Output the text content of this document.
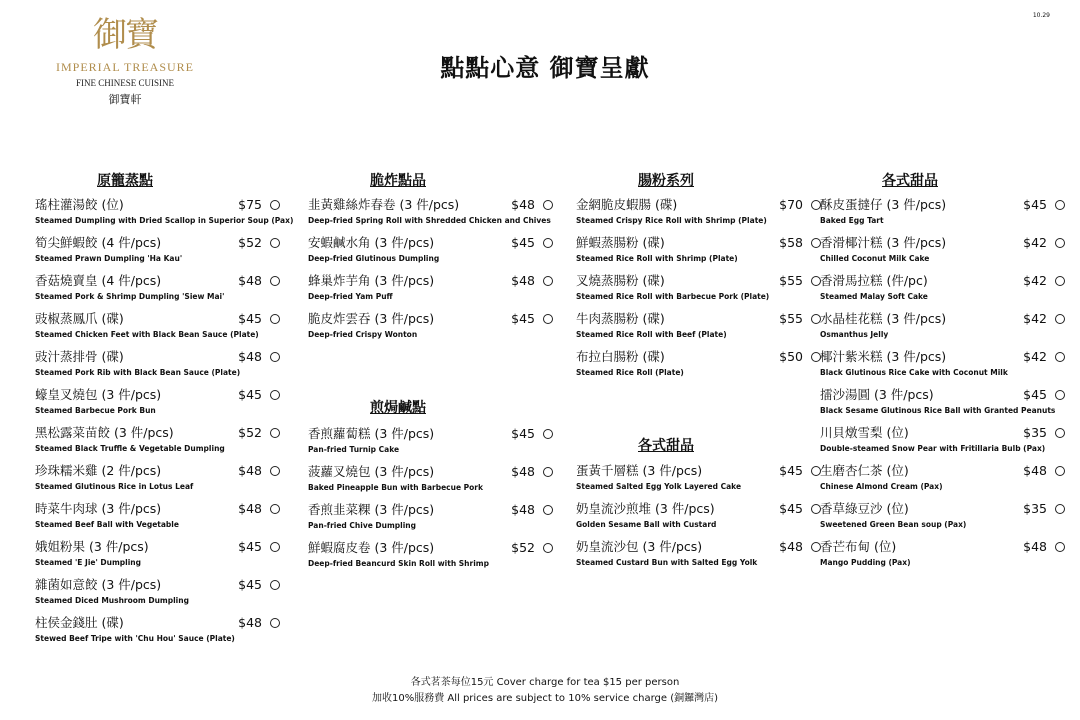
御寶
IMPERIAL TREASURE
FINE CHINESE CUISINE
御寶軒
點點心意 御寶呈獻
10.29
原籠蒸點
瑤柱灌湯餃 (位)	$75
Steamed Dumpling with Dried Scallop in Superior Soup (Pax)
筍尖鮮蝦餃 (4 件/pcs)	$52
Steamed Prawn Dumpling 'Ha Kau'
香菇燒賣皇 (4 件/pcs)	$48
Steamed Pork & Shrimp Dumpling 'Siew Mai'
豉椒蒸鳳爪 (碟)	$45
Steamed Chicken Feet with Black Bean Sauce (Plate)
豉汁蒸排骨 (碟)	$48
Steamed Pork Rib with Black Bean Sauce (Plate)
蠔皇叉燒包 (3 件/pcs)	$45
Steamed Barbecue Pork Bun
黑松露菜苗餃 (3 件/pcs)	$52
Steamed Black Truffle & Vegetable Dumpling
珍珠糯米雞 (2 件/pcs)	$48
Steamed Glutinous Rice in Lotus Leaf
時菜牛肉球 (3 件/pcs)	$48
Steamed Beef Ball with Vegetable
娥姐粉果 (3 件/pcs)	$45
Steamed 'E Jie' Dumpling
雜菌如意餃 (3 件/pcs)	$45
Steamed Diced Mushroom Dumpling
柱侯金錢肚 (碟)	$48
Stewed Beef Tripe with 'Chu Hou' Sauce (Plate)
脆炸點品
韭黃雞絲炸春卷 (3 件/pcs)	$48
Deep-fried Spring Roll with Shredded Chicken and Chives
安蝦鹹水角 (3 件/pcs)	$45
Deep-fried Glutinous Dumpling
蜂巢炸芋角 (3 件/pcs)	$48
Deep-fried Yam Puff
脆皮炸雲吞 (3 件/pcs)	$45
Deep-fried Crispy Wonton
煎焗鹹點
香煎蘿蔔糕 (3 件/pcs)	$45
Pan-fried Turnip Cake
菠蘿叉燒包 (3 件/pcs)	$48
Baked Pineapple Bun with Barbecue Pork
香煎韭菜粿 (3 件/pcs)	$48
Pan-fried Chive Dumpling
鮮蝦腐皮卷 (3 件/pcs)	$52
Deep-fried Beancurd Skin Roll with Shrimp
腸粉系列
金網脆皮蝦腸 (碟)	$70
Steamed Crispy Rice Roll with Shrimp (Plate)
鮮蝦蒸腸粉 (碟)	$58
Steamed Rice Roll with Shrimp (Plate)
叉燒蒸腸粉 (碟)	$55
Steamed Rice Roll with Barbecue Pork (Plate)
牛肉蒸腸粉 (碟)	$55
Steamed Rice Roll with Beef (Plate)
布拉白腸粉 (碟)	$50
Steamed Rice Roll (Plate)
各式甜品
蛋黃千層糕 (3 件/pcs)	$45
Steamed Salted Egg Yolk Layered Cake
奶皇流沙煎堆 (3 件/pcs)	$45
Golden Sesame Ball with Custard
奶皇流沙包 (3 件/pcs)	$48
Steamed Custard Bun with Salted Egg Yolk
各式甜品
酥皮蛋撻仔 (3 件/pcs)	$45
Baked Egg Tart
香滑椰汁糕 (3 件/pcs)	$42
Chilled Coconut Milk Cake
香滑馬拉糕 (件/pc)	$42
Steamed Malay Soft Cake
水晶桂花糕 (3 件/pcs)	$42
Osmanthus Jelly
椰汁紫米糕 (3 件/pcs)	$42
Black Glutinous Rice Cake with Coconut Milk
擂沙湯圓 (3 件/pcs)	$45
Black Sesame Glutinous Rice Ball with Granted Peanuts
川貝燉雪梨 (位)	$35
Double-steamed Snow Pear with Fritillaria Bulb (Pax)
生磨杏仁茶 (位)	$48
Chinese Almond Cream (Pax)
香草綠豆沙 (位)	$35
Sweetened Green Bean soup (Pax)
香芒布甸 (位)	$48
Mango Pudding (Pax)
各式茗茶每位15元 Cover charge for tea $15 per person
加收10%服務費 All prices are subject to 10% service charge (銅鑼灣店)
